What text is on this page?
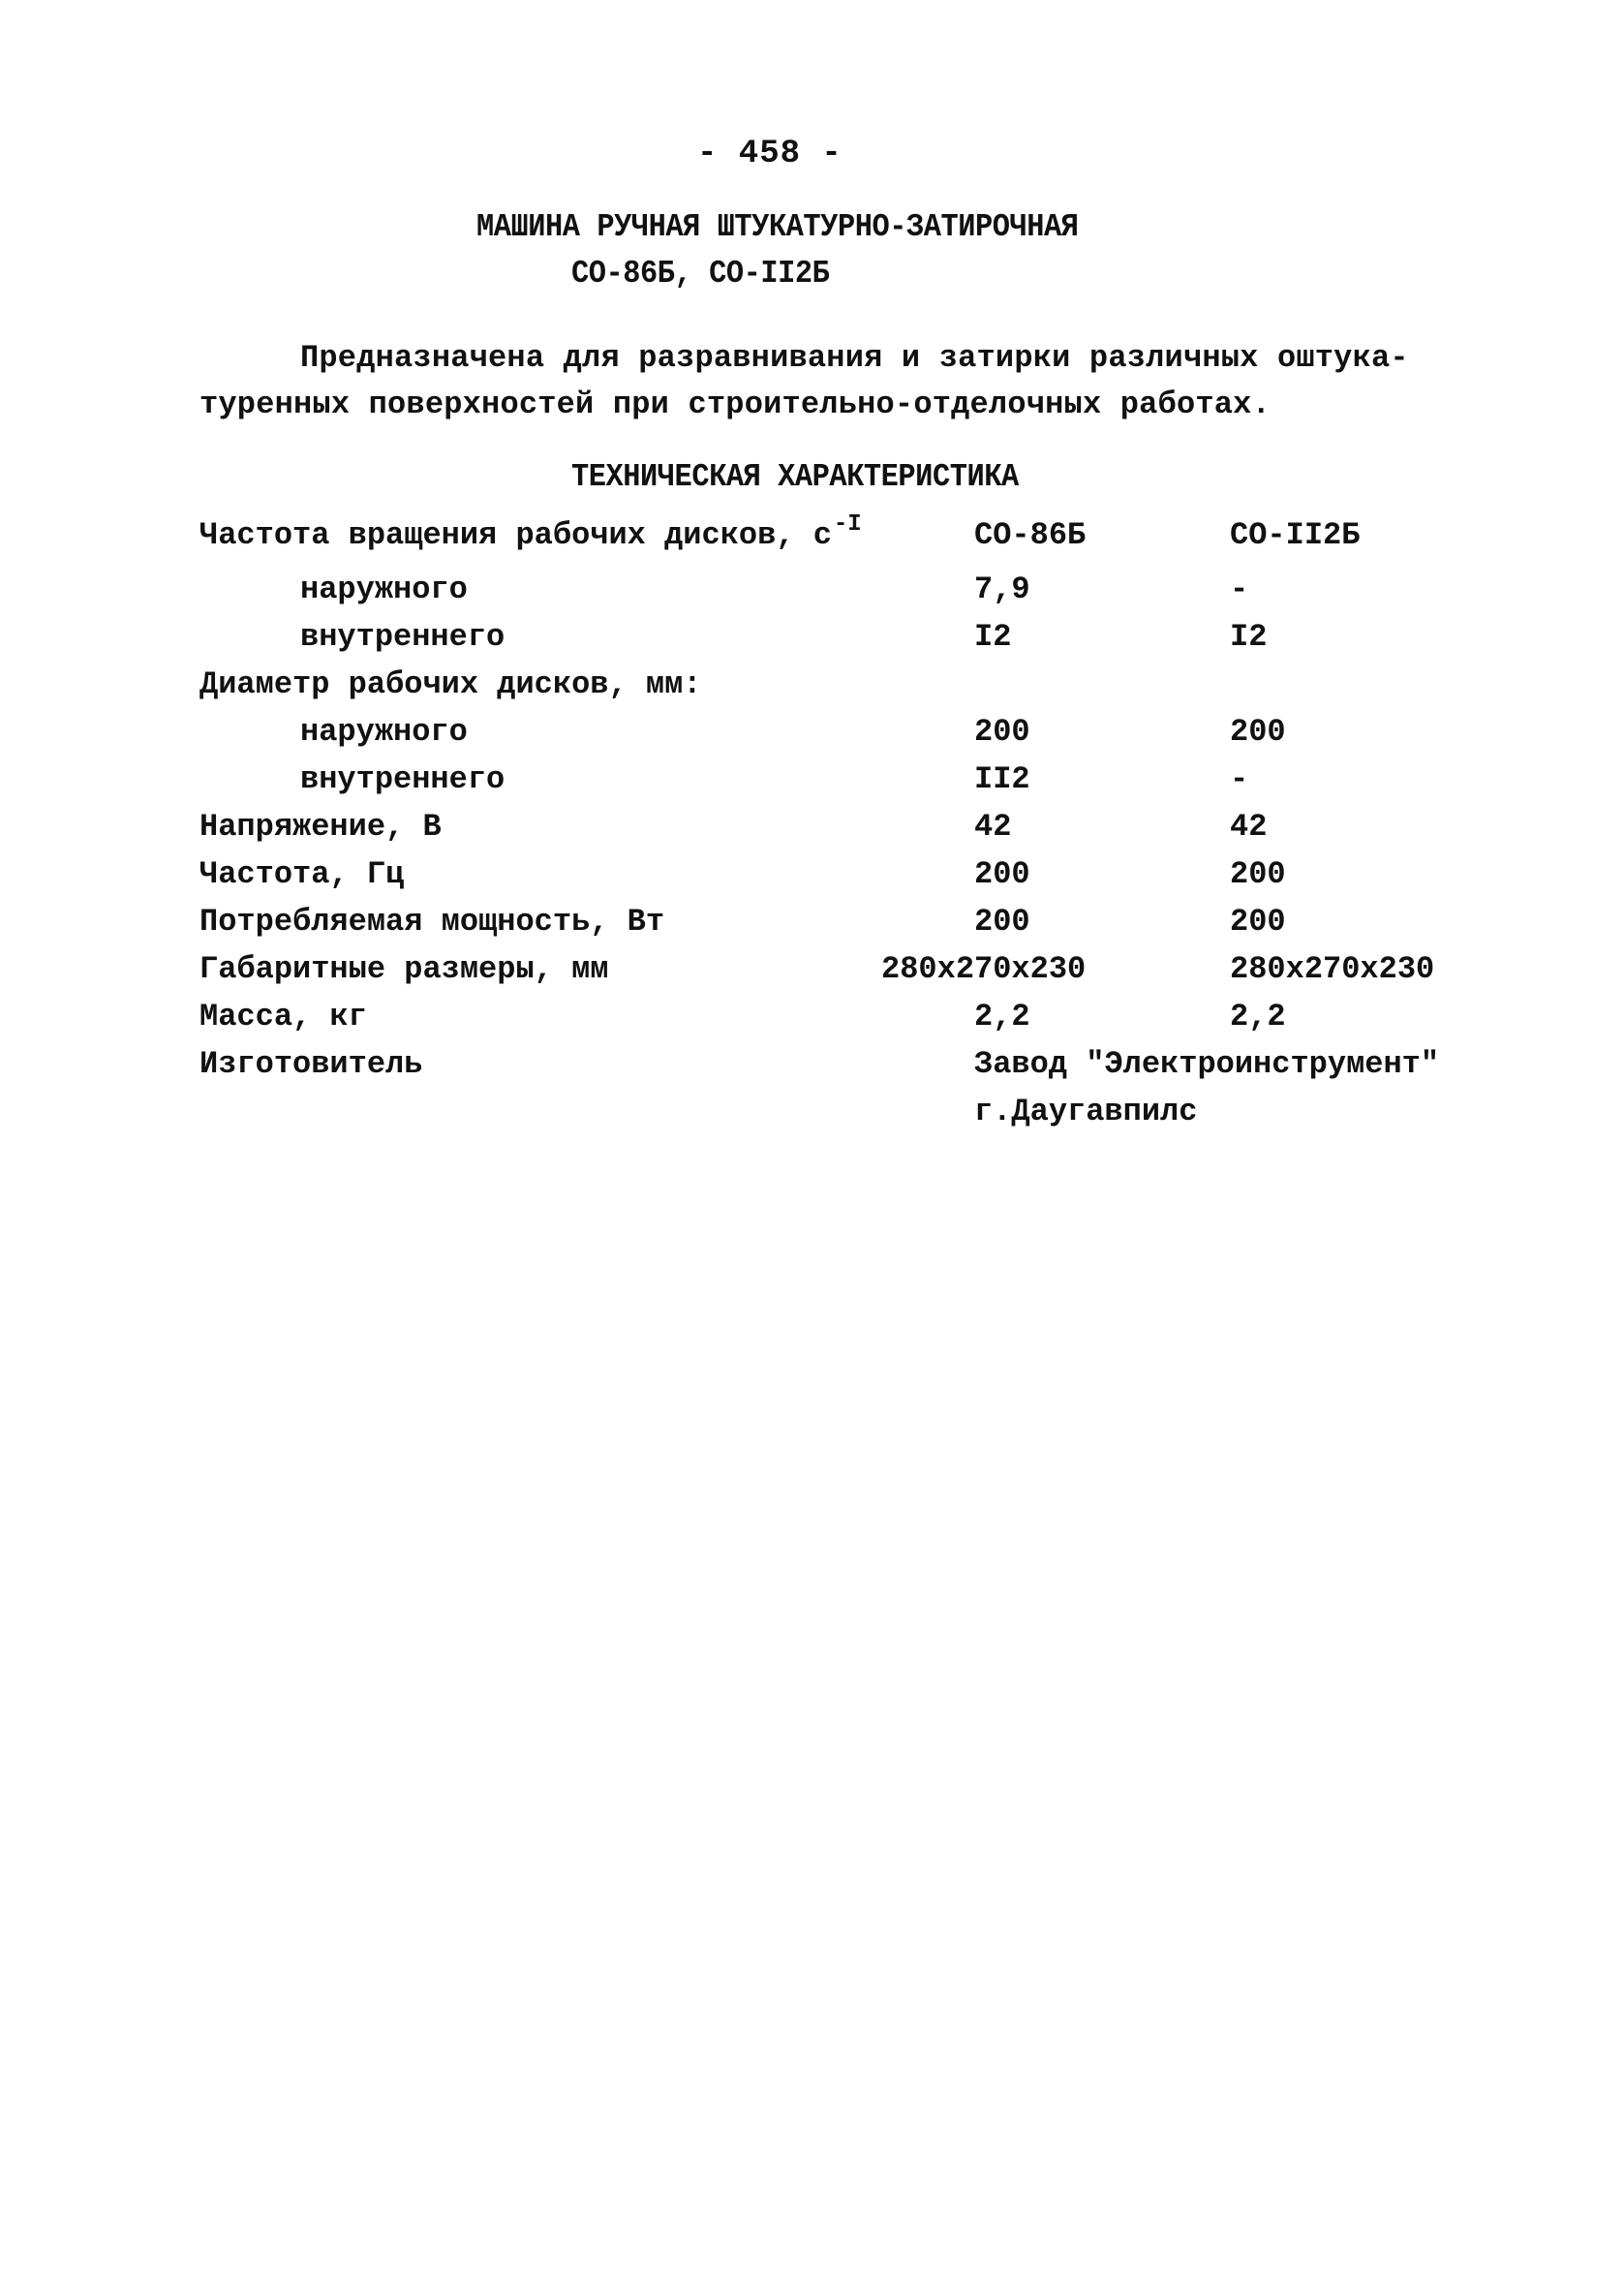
- 458 -
МАШИНА РУЧНАЯ ШТУКАТУРНО-ЗАТИРОЧНАЯ
СО-86Б, СО-II2Б
Предназначена для разравнивания и затирки различных оштука-
туренных поверхностей при строительно-отделочных работах.
ТЕХНИЧЕСКАЯ ХАРАКТЕРИСТИКА
Частота вращения рабочих дисков, $с^{-I}$	СО-86Б	СО-II2Б
наружного	7,9	-
внутреннего	I2	I2
Диаметр рабочих дисков, мм:
наружного	200	200
внутреннего	II2	-
Напряжение, В	42	42
Частота, Гц	200	200
Потребляемая мощность, Вт	200	200
Габаритные размеры, мм	280х270х230	280х270х230
Масса, кг	2,2	2,2
Изготовитель	Завод "Электроинструмент"
г.Даугавпилс
